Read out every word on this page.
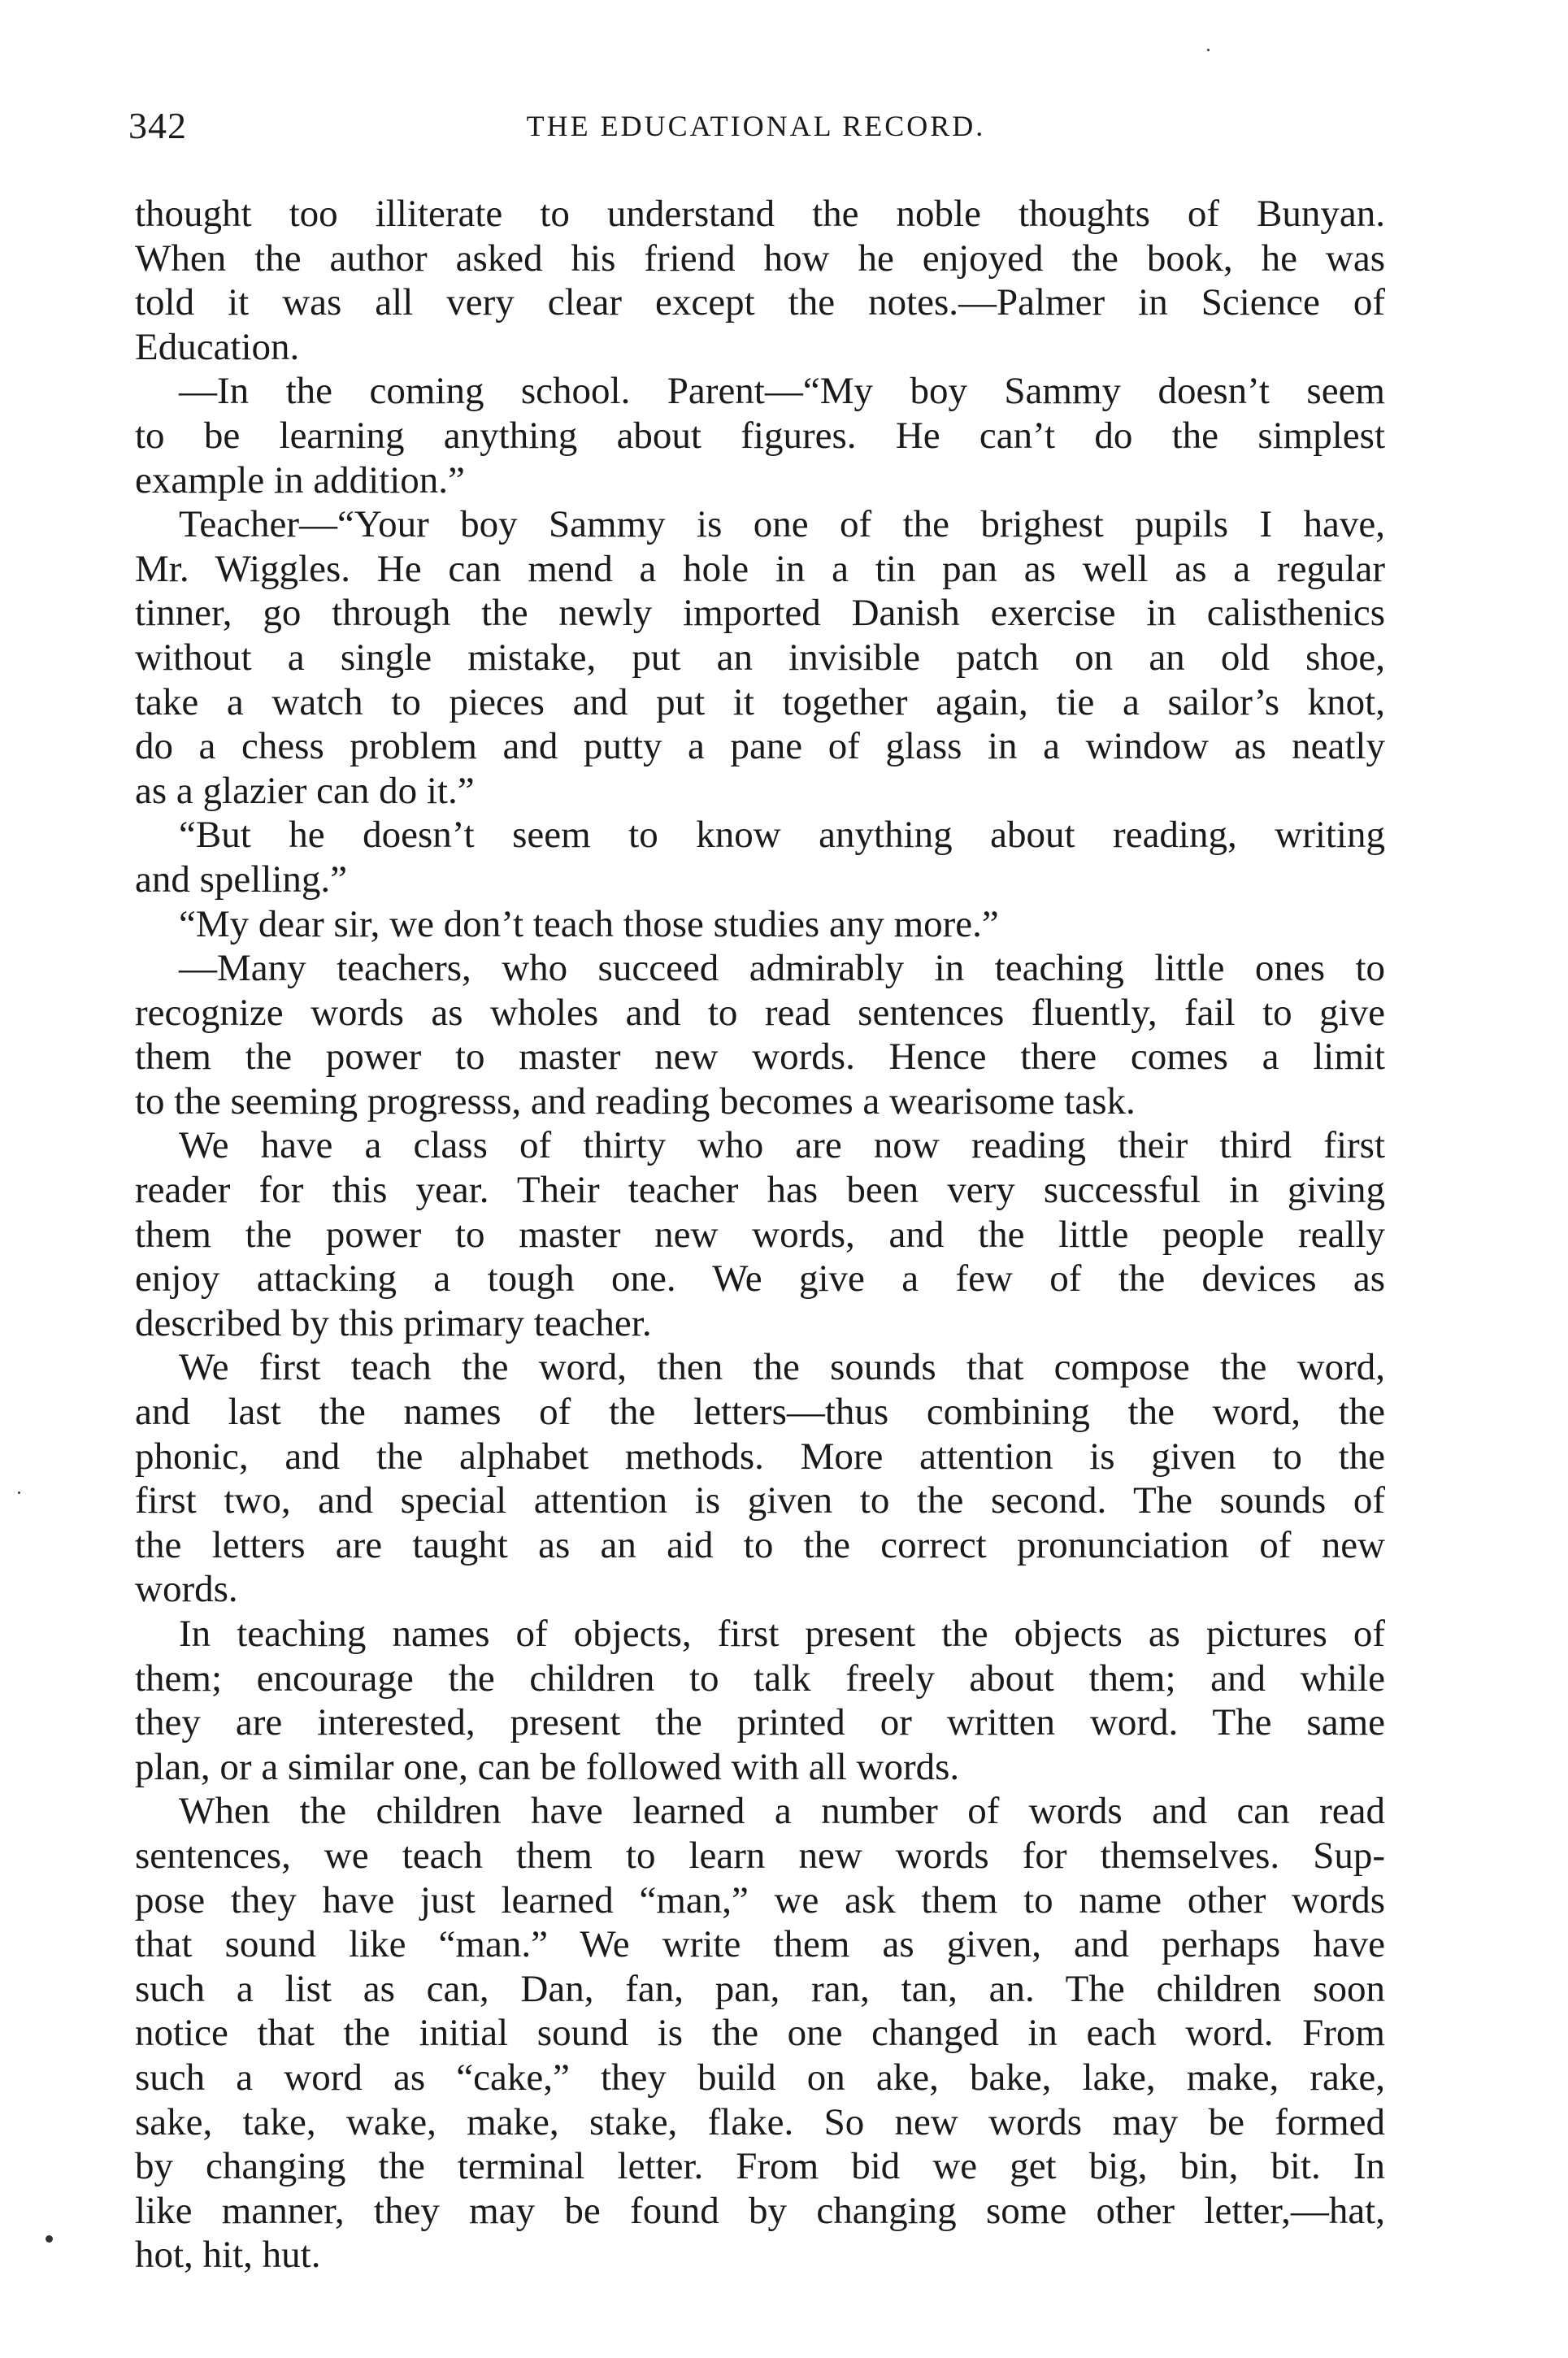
342	THE EDUCATIONAL RECORD.
thought too illiterate to understand the noble thoughts of Bunyan.
When the author asked his friend how he enjoyed the book, he was
told it was all very clear except the notes.—Palmer in Science of
Education.
—In the coming school. Parent—“My boy Sammy doesn’t seem
to be learning anything about figures. He can’t do the simplest
example in addition.”
Teacher—“Your boy Sammy is one of the brighest pupils I have,
Mr. Wiggles. He can mend a hole in a tin pan as well as a regular
tinner, go through the newly imported Danish exercise in calisthenics
without a single mistake, put an invisible patch on an old shoe,
take a watch to pieces and put it together again, tie a sailor’s knot,
do a chess problem and putty a pane of glass in a window as neatly
as a glazier can do it.”
“But he doesn’t seem to know anything about reading, writing
and spelling.”
“My dear sir, we don’t teach those studies any more.”
—Many teachers, who succeed admirably in teaching little ones to
recognize words as wholes and to read sentences fluently, fail to give
them the power to master new words. Hence there comes a limit
to the seeming progresss, and reading becomes a wearisome task.
We have a class of thirty who are now reading their third first
reader for this year. Their teacher has been very successful in giving
them the power to master new words, and the little people really
enjoy attacking a tough one. We give a few of the devices as
described by this primary teacher.
We first teach the word, then the sounds that compose the word,
and last the names of the letters—thus combining the word, the
phonic, and the alphabet methods. More attention is given to the
first two, and special attention is given to the second. The sounds of
the letters are taught as an aid to the correct pronunciation of new
words.
In teaching names of objects, first present the objects as pictures of
them; encourage the children to talk freely about them; and while
they are interested, present the printed or written word. The same
plan, or a similar one, can be followed with all words.
When the children have learned a number of words and can read
sentences, we teach them to learn new words for themselves. Sup-
pose they have just learned “man,” we ask them to name other words
that sound like “man.” We write them as given, and perhaps have
such a list as can, Dan, fan, pan, ran, tan, an. The children soon
notice that the initial sound is the one changed in each word. From
such a word as “cake,” they build on ake, bake, lake, make, rake,
sake, take, wake, make, stake, flake. So new words may be formed
by changing the terminal letter. From bid we get big, bin, bit. In
like manner, they may be found by changing some other letter,—hat,
hot, hit, hut.
